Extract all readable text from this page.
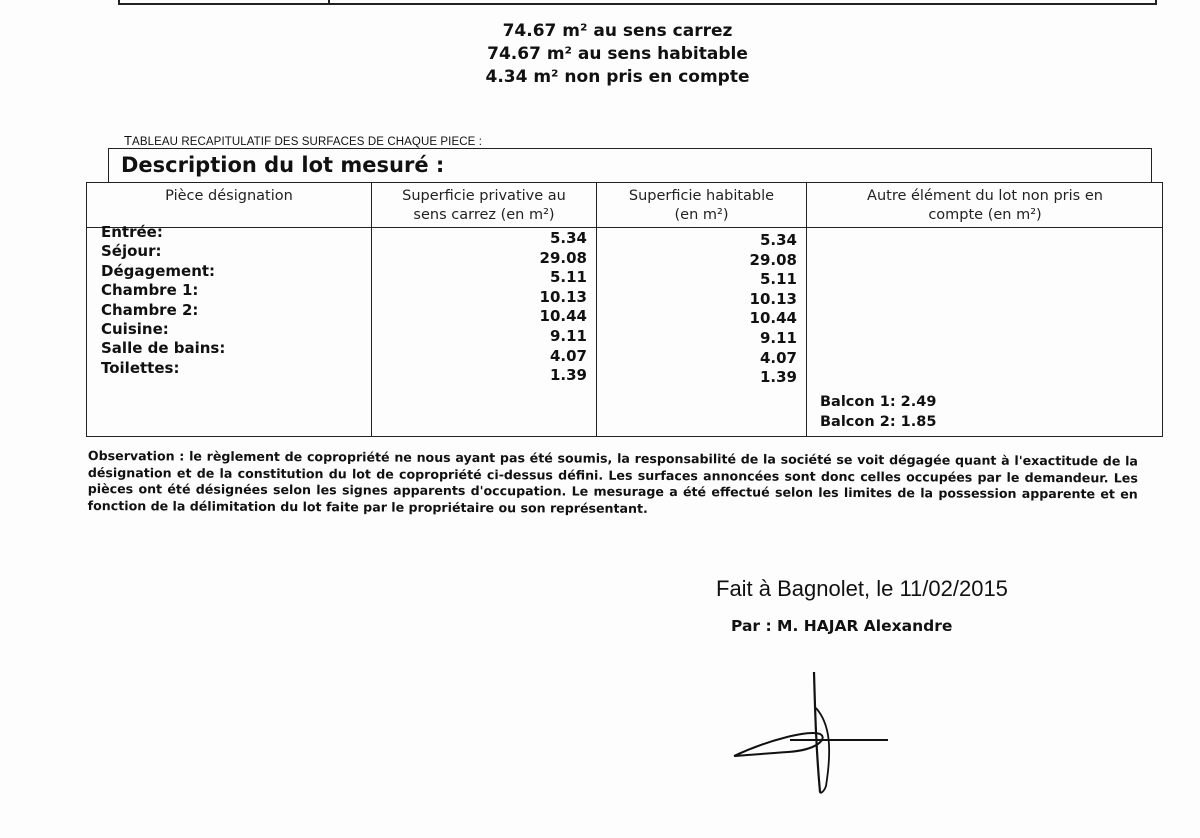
74.67 m² au sens carrez
74.67 m² au sens habitable
4.34 m² non pris en compte
TABLEAU RECAPITULATIF DES SURFACES DE CHAQUE PIECE :
Description du lot mesuré :
Pièce désignation	Superficie privative au
sens carrez (en m²)
Superficie habitable
(en m²)
Autre élément du lot non pris en
compte (en m²)
Entrée:
Séjour:
Dégagement:
Chambre 1:
Chambre 2:
Cuisine:
Salle de bains:
Toilettes:
5.34
29.08
5.11
10.13
10.44
9.11
4.07
1.39
5.34
29.08
5.11
10.13
10.44
9.11
4.07
1.39
Balcon 1: 2.49
Balcon 2: 1.85
Observation : le règlement de copropriété ne nous ayant pas été soumis, la responsabilité de la société se voit dégagée quant à l'exactitude de la désignation et de la constitution du lot de copropriété ci-dessus défini. Les surfaces annoncées sont donc celles occupées par le demandeur. Les pièces ont été désignées selon les signes apparents d'occupation. Le mesurage a été effectué selon les limites de la possession apparente et en fonction de la délimitation du lot faite par le propriétaire ou son représentant.
Fait à Bagnolet, le 11/02/2015
Par : M. HAJAR Alexandre
